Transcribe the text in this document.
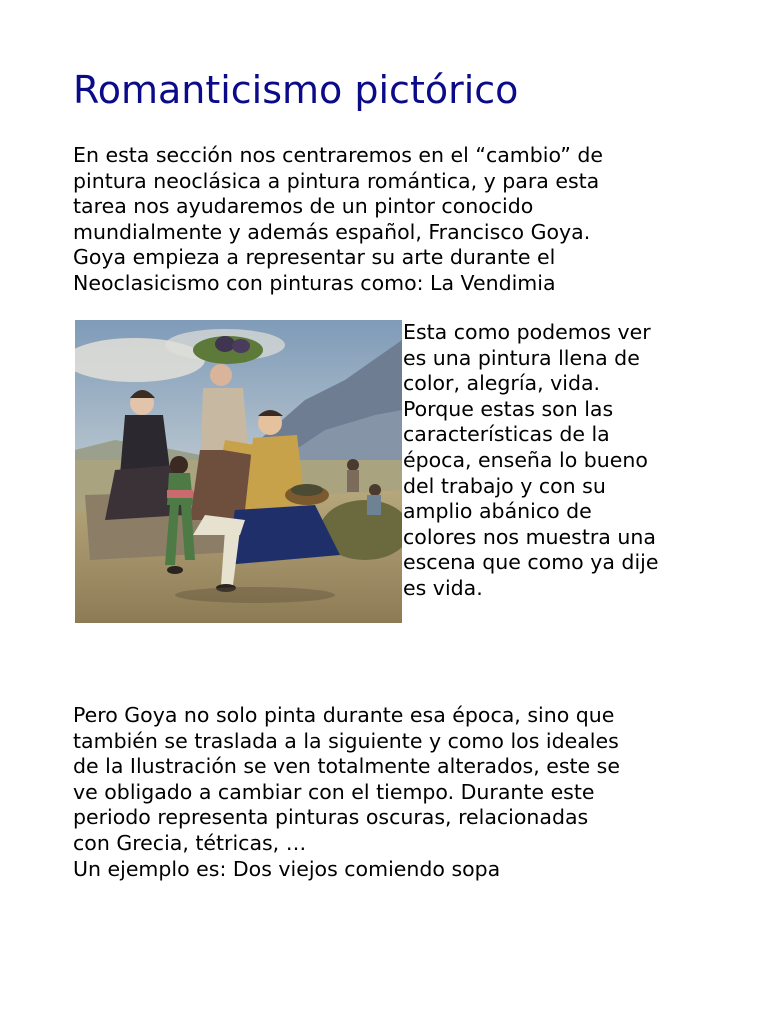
Romanticismo pictórico

En esta sección nos centraremos en el “cambio” de
pintura neoclásica a pintura romántica, y para esta
tarea nos ayudaremos de un pintor conocido
mundialmente y además español, Francisco Goya.
Goya empieza a representar su arte durante el
Neoclasicismo con pinturas como: La Vendimia

Esta como podemos ver
es una pintura llena de
color, alegría, vida.
Porque estas son las
características de la
época, enseña lo bueno
del trabajo y con su
amplio abánico de
colores nos muestra una
escena que como ya dije
es vida.

Pero Goya no solo pinta durante esa época, sino que
también se traslada a la siguiente y como los ideales
de la Ilustración se ven totalmente alterados, este se
ve obligado a cambiar con el tiempo. Durante este
periodo representa pinturas oscuras, relacionadas
con Grecia, tétricas, …
Un ejemplo es: Dos viejos comiendo sopa
